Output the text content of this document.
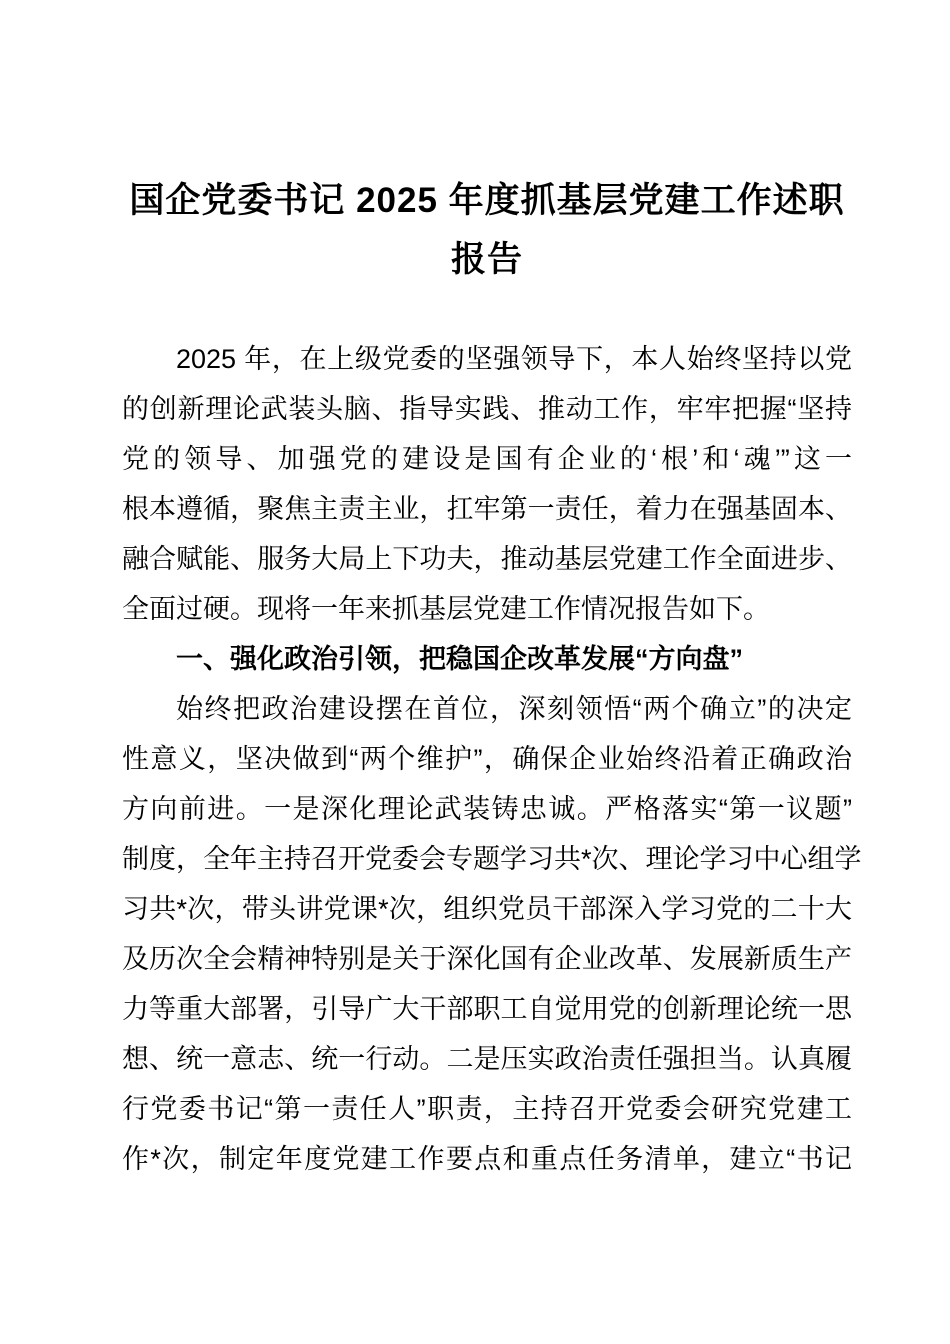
国企党委书记 2025 年度抓基层党建工作述职
报告
2025 年，在上级党委的坚强领导下，本人始终坚持以党
的创新理论武装头脑、指导实践、推动工作，牢牢把握“坚持
党的领导、加强党的建设是国有企业的‘根’和‘魂’”这一
根本遵循，聚焦主责主业，扛牢第一责任，着力在强基固本、
融合赋能、服务大局上下功夫，推动基层党建工作全面进步、
全面过硬。现将一年来抓基层党建工作情况报告如下。
一、强化政治引领，把稳国企改革发展“方向盘”
始终把政治建设摆在首位，深刻领悟“两个确立”的决定
性意义，坚决做到“两个维护”，确保企业始终沿着正确政治
方向前进。一是深化理论武装铸忠诚。严格落实“第一议题”
制度，全年主持召开党委会专题学习共*次、理论学习中心组学
习共*次，带头讲党课*次，组织党员干部深入学习党的二十大
及历次全会精神特别是关于深化国有企业改革、发展新质生产
力等重大部署，引导广大干部职工自觉用党的创新理论统一思
想、统一意志、统一行动。二是压实政治责任强担当。认真履
行党委书记“第一责任人”职责，主持召开党委会研究党建工
作*次，制定年度党建工作要点和重点任务清单，建立“书记
